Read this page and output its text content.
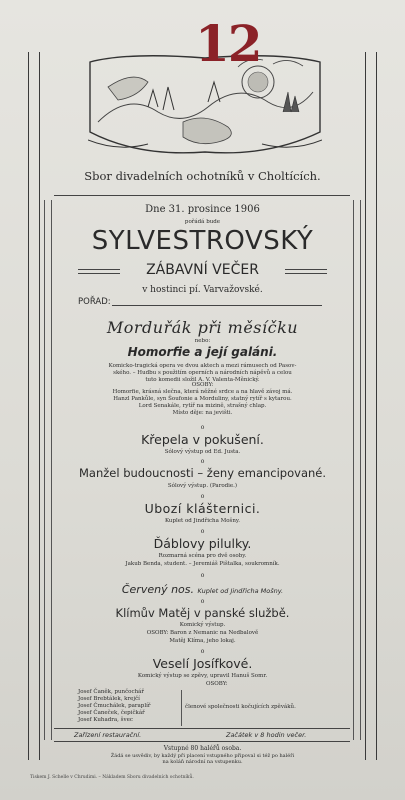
12
Sbor divadelních ochotníků v Choltících.
Dne 31. prosince 1906
pořádá bude
SYLVESTROVSKÝ
ZÁBAVNÍ VEČER
v hostinci pí. Varvažovské.
POŘAD:
Morduřák při měsíčku
nebo:
Homorfie a její galáni.
Komicko-tragická opera ve dvou aktech a mezi rámusech od Pasov-
ského. – Hudbu s použitím operních a národních nápěvů a celou
tuto komedii složil A. V. Valenta-Měnický.
OSOBY:
Homorfie, krásná slečna, která něžné srdce a na hlavě závoj má.
Hanzl Pankůle, syn Šoufonie a Morduliny, statný rytíř s kytarou.
Lord Senakále, rytíř na mizině, strašný chlap.
Místo děje: na jevišti.
o
Křepela v pokušení.
Sólový výstup od Ed. Justa.
o
Manžel budoucnosti – ženy emancipované.
Sólový výstup. (Parodie.)
o
Ubozí klášternici.
Kuplet od Jindřicha Mošny.
o
Ďáblovy pilulky.
Rozmarná scéna pro dvě osoby.
Jakub Benda, student. – Jeremiáš Pištalka, soukromník.
o
Červený nos. Kuplet od Jindřicha Mošny.
o
Klímův Matěj v panské službě.
Komický výstup.
OSOBY: Baron z Nemanic na Nedbalově
Matěj Klíma, jeho lokaj.
o
Veselí Josífkové.
Komický výstup se zpěvy, upravil Hanuš Somr.
OSOBY:
Josef Čaněk, punčochář
Josef Brebtálek, krejčí
Josef Čmuchálek, paraplíř
Josef Čaneček, čepičkář
Josef Kuhadra, švec
členové společnosti kočujících zpěváků.
Zařízení restaurační.	Začátek v 8 hodin večer.
Vstupné 80 haléřů osoba.
Žádá se usvědiv, by každý při placení vstupného připoval si též po haléři
na koláň národní na vstupenku.
Tiskem J. Schelle v Chrudimi. – Nákladem Sboru divadelních ochotníků.
